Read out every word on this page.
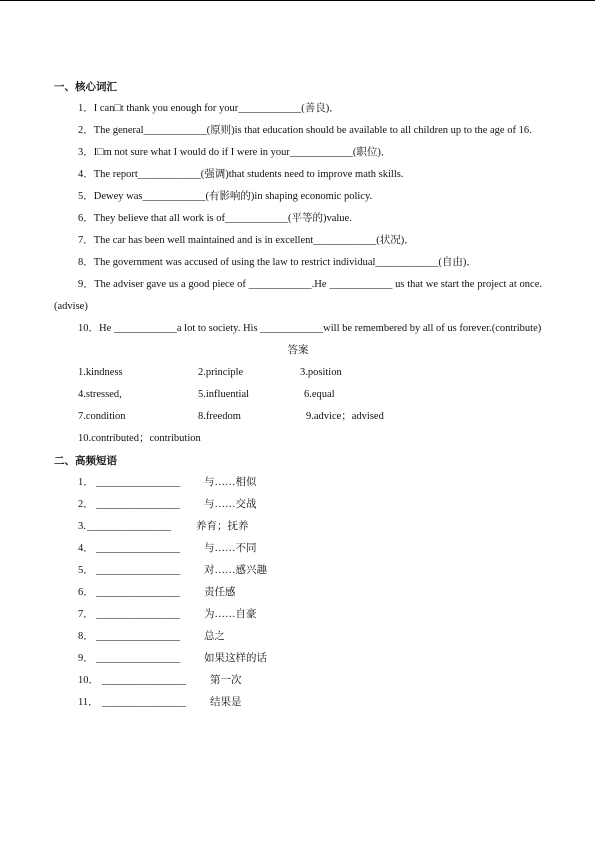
一、核心词汇
1．I can□t thank you enough for your____________(善良)．
2．The general____________(原则)is that education should be available to all children up to the age of 16.
3．I□m not sure what I would do if I were in your____________(职位)．
4．The report____________(强调)that students need to improve math skills.
5．Dewey was____________(有影响的)in shaping economic policy.
6．They believe that all work is of____________(平等的)value.
7．The car has been well maintained and is in excellent____________(状况)．
8．The government was accused of using the law to restrict individual____________(自由)．
9．The adviser gave us a good piece of ____________.He ____________ us that we start the project at once.(advise)
10．He ____________a lot to society. His ____________will be remembered by all of us forever.(contribute)
答案
1.kindness	2.principle	3.position
4.stressed,	5.influential	6.equal
7.condition	8.freedom	9.advice；advised
10.contributed；contribution
二、高频短语
1． ________________ 与……相似
2． ________________ 与……交战
3. ________________ 养育；抚养
4． ________________ 与……不同
5． ________________ 对……感兴趣
6． ________________ 责任感
7． ________________ 为……自豪
8． ________________ 总之
9． ________________ 如果这样的话
10． ________________ 第一次
11． ________________ 结果是
